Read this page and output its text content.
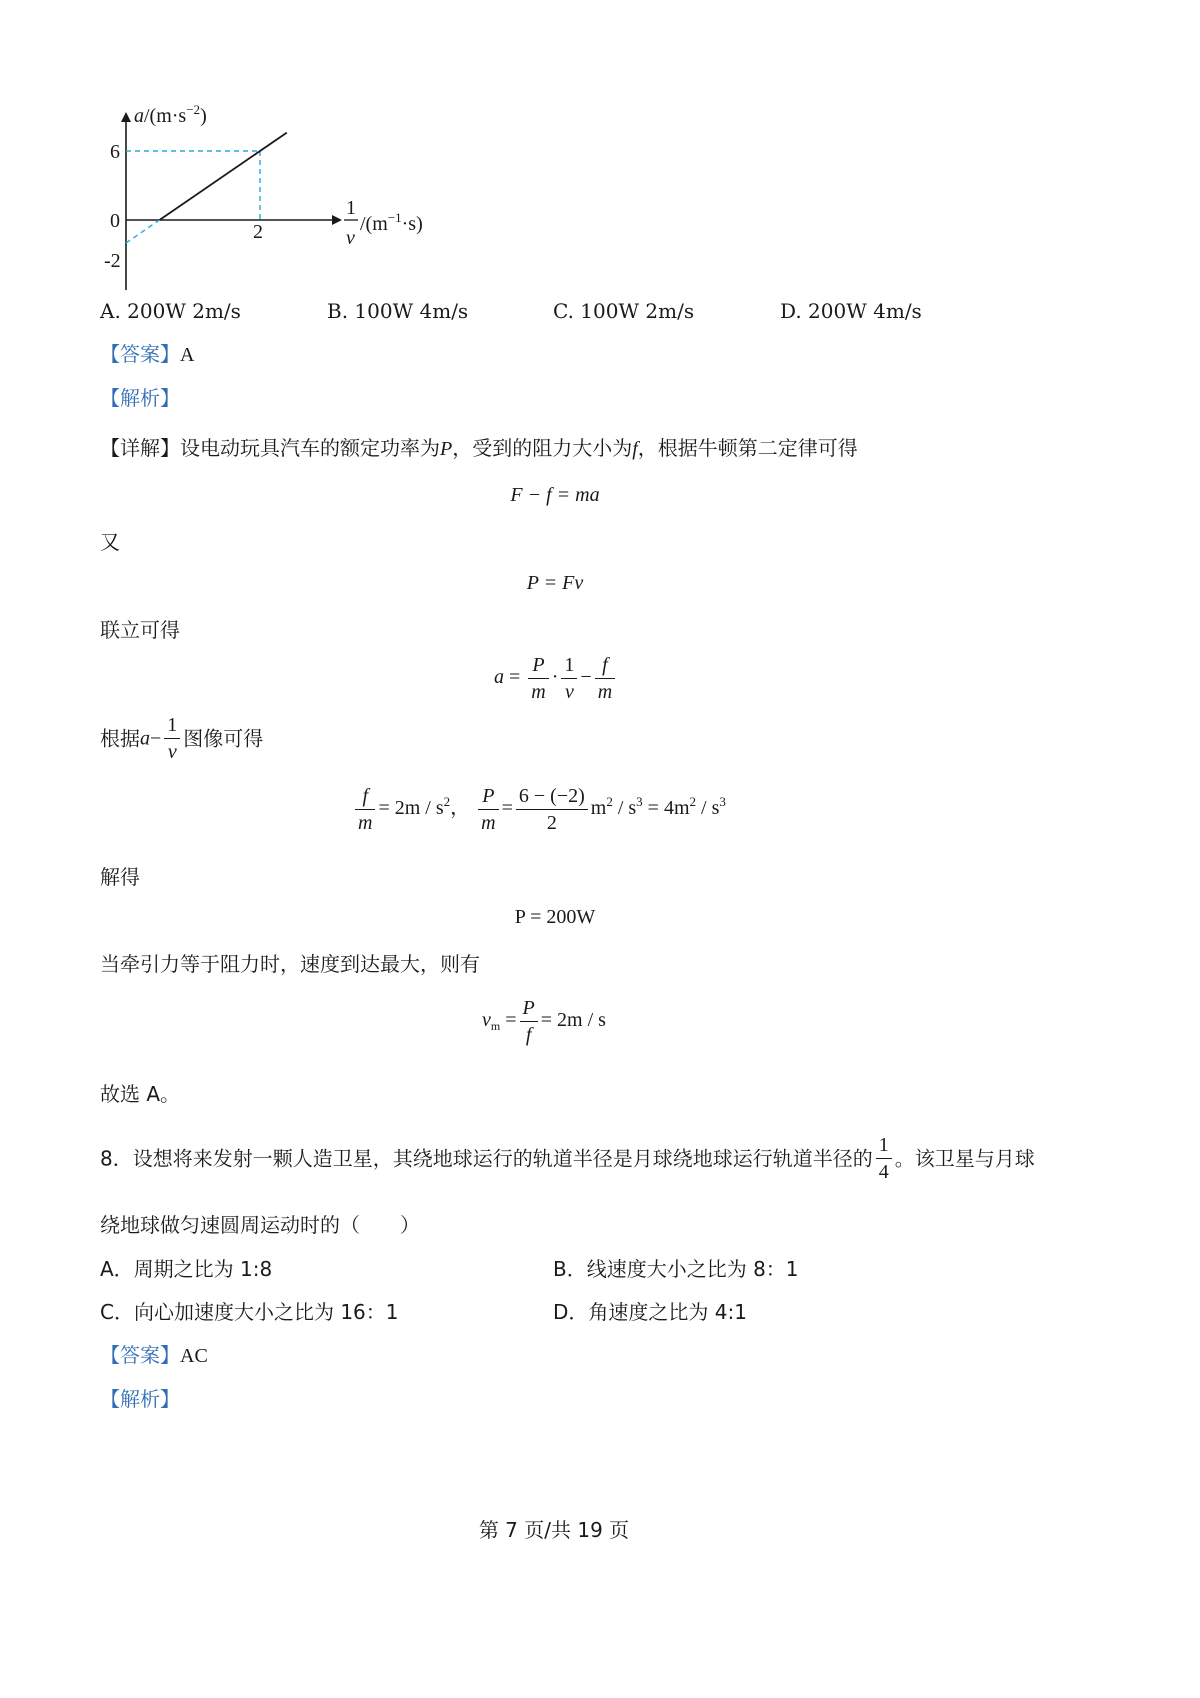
6
0
-2
2
$a/(m\cdot s^{-2})$
1
v
$/(m^{-1}\cdot s)$
A. 200W 2m/s	B. 100W 4m/s	C. 100W 2m/s	D. 200W 4m/s
【答案】A
【解析】
【详解】设电动玩具汽车的额定功率为P，受到的阻力大小为f，根据牛顿第二定律可得
F − f = ma
又
P = Fv
联立可得
$a = \frac{P}{m} \cdot \frac{1}{v} - \frac{f}{m}$
根据$a- \frac{1}{v}$ 图像可得
$\frac{f}{m} = 2m / s^2$， $\frac{P}{m} = \frac{6 - (-2)}{2} m^2 / s^3 = 4m^2 / s^3$
解得
P = 200W
当牵引力等于阻力时，速度到达最大，则有
$v_m = \frac{P}{f} = 2m / s$
故选 A。
8．设想将来发射一颗人造卫星，其绕地球运行的轨道半径是月球绕地球运行轨道半径的 $\frac{1}{4}$ 。该卫星与月球
绕地球做匀速圆周运动时的（　　）
A．周期之比为 1:8	B．线速度大小之比为 8：1
C．向心加速度大小之比为 16：1	D．角速度之比为 4:1
【答案】AC
【解析】
第 7 页/共 19 页
